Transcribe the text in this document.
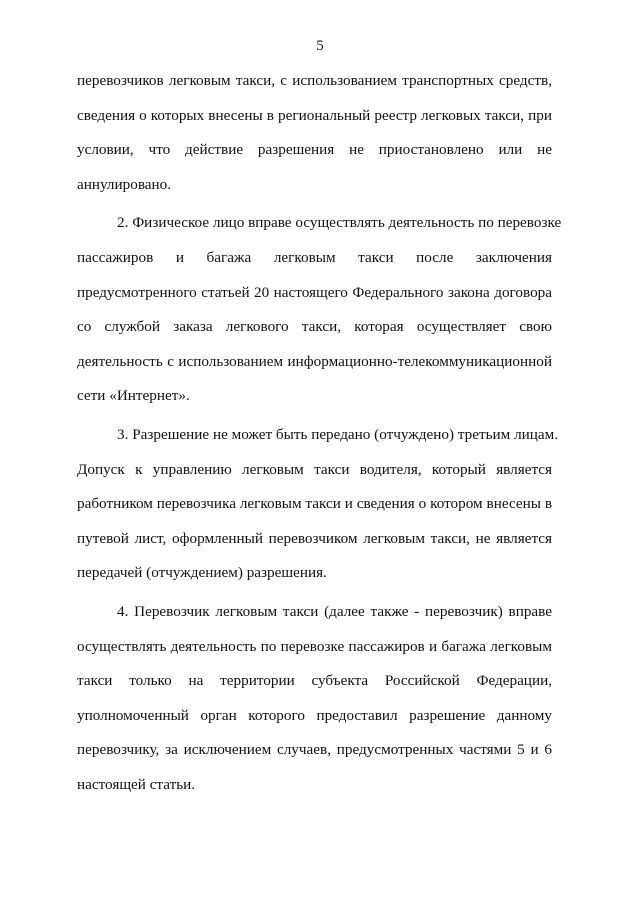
5
перевозчиков легковым такси, с использованием транспортных средств,
сведения о которых внесены в региональный реестр легковых такси, при
условии, что действие разрешения не приостановлено или не
аннулировано.
2. Физическое лицо вправе осуществлять деятельность по перевозке
пассажиров и багажа легковым такси после заключения
предусмотренного статьей 20 настоящего Федерального закона договора
со службой заказа легкового такси, которая осуществляет свою
деятельность с использованием информационно-телекоммуникационной
сети «Интернет».
3. Разрешение не может быть передано (отчуждено) третьим лицам.
Допуск к управлению легковым такси водителя, который является
работником перевозчика легковым такси и сведения о котором внесены в
путевой лист, оформленный перевозчиком легковым такси, не является
передачей (отчуждением) разрешения.
4. Перевозчик легковым такси (далее также - перевозчик) вправе
осуществлять деятельность по перевозке пассажиров и багажа легковым
такси только на территории субъекта Российской Федерации,
уполномоченный орган которого предоставил разрешение данному
перевозчику, за исключением случаев, предусмотренных частями 5 и 6
настоящей статьи.
